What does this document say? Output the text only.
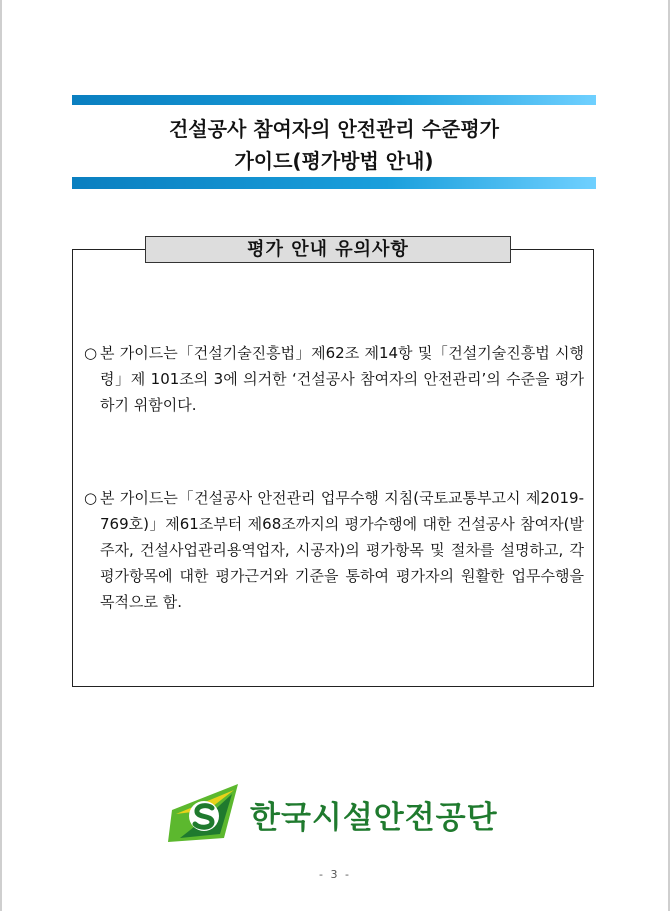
건설공사 참여자의 안전관리 수준평가
가이드(평가방법 안내)
평가 안내 유의사항
○ 본 가이드는「건설기술진흥법」제62조 제14항 및「건설기술진흥법 시행령」제 101조의 3에 의거한 ‘건설공사 참여자의 안전관리’의 수준을 평가하기 위함이다.
○ 본 가이드는「건설공사 안전관리 업무수행 지침(국토교통부고시 제2019-769호)」제61조부터 제68조까지의 평가수행에 대한 건설공사 참여자(발주자, 건설사업관리용역업자, 시공자)의 평가항목 및 절차를 설명하고, 각 평가항목에 대한 평가근거와 기준을 통하여 평가자의 원활한 업무수행을 목적으로 함.
한국시설안전공단
- 3 -
